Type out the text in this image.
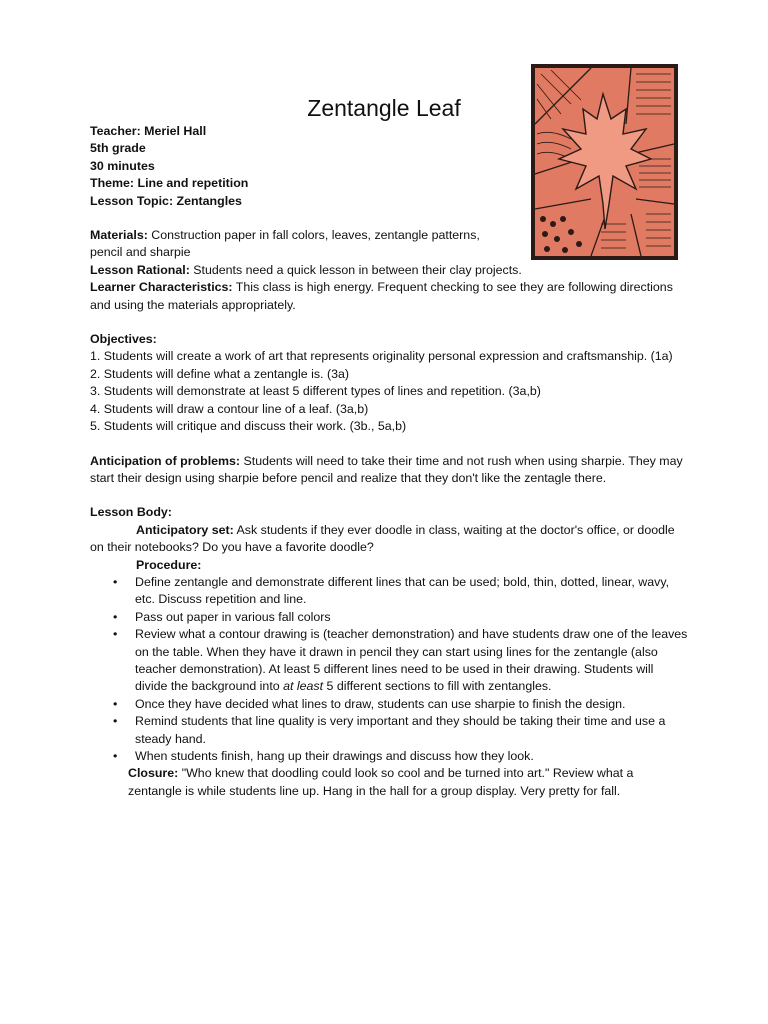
Zentangle Leaf

Teacher: Meriel Hall

5th grade

30 minutes

Theme: Line and repetition

Lesson Topic: Zentangles

Materials: Construction paper in fall colors, leaves, zentangle patterns,

pencil and sharpie

Lesson Rational: Students need a quick lesson in between their clay projects.

Learner Characteristics: This class is high energy. Frequent checking to see they are following directions and using the materials appropriately.

Objectives:

1. Students will create a work of art that represents originality personal expression and craftsmanship. (1a)

2. Students will define what a zentangle is. (3a)

3. Students will demonstrate at least 5 different types of lines and repetition. (3a,b)

4. Students will draw a contour line of a leaf. (3a,b)

5. Students will critique and discuss their work. (3b., 5a,b)

Anticipation of problems: Students will need to take their time and not rush when using sharpie. They may start their design using sharpie before pencil and realize that they don't like the zentagle there.

Lesson Body:

Anticipatory set: Ask students if they ever doodle in class, waiting at the doctor's office, or doodle on their notebooks? Do you have a favorite doodle?

Procedure:

• Define zentangle and demonstrate different lines that can be used; bold, thin, dotted, linear, wavy, etc. Discuss repetition and line.
• Pass out paper in various fall colors
• Review what a contour drawing is (teacher demonstration) and have students draw one of the leaves on the table. When they have it drawn in pencil they can start using lines for the zentangle (also teacher demonstration). At least 5 different lines need to be used in their drawing. Students will divide the background into at least 5 different sections to fill with zentangles.
• Once they have decided what lines to draw, students can use sharpie to finish the design.
• Remind students that line quality is very important and they should be taking their time and use a steady hand.
• When students finish, hang up their drawings and discuss how they look.

Closure: "Who knew that doodling could look so cool and be turned into art." Review what a zentangle is while students line up. Hang in the hall for a group display. Very pretty for fall.
